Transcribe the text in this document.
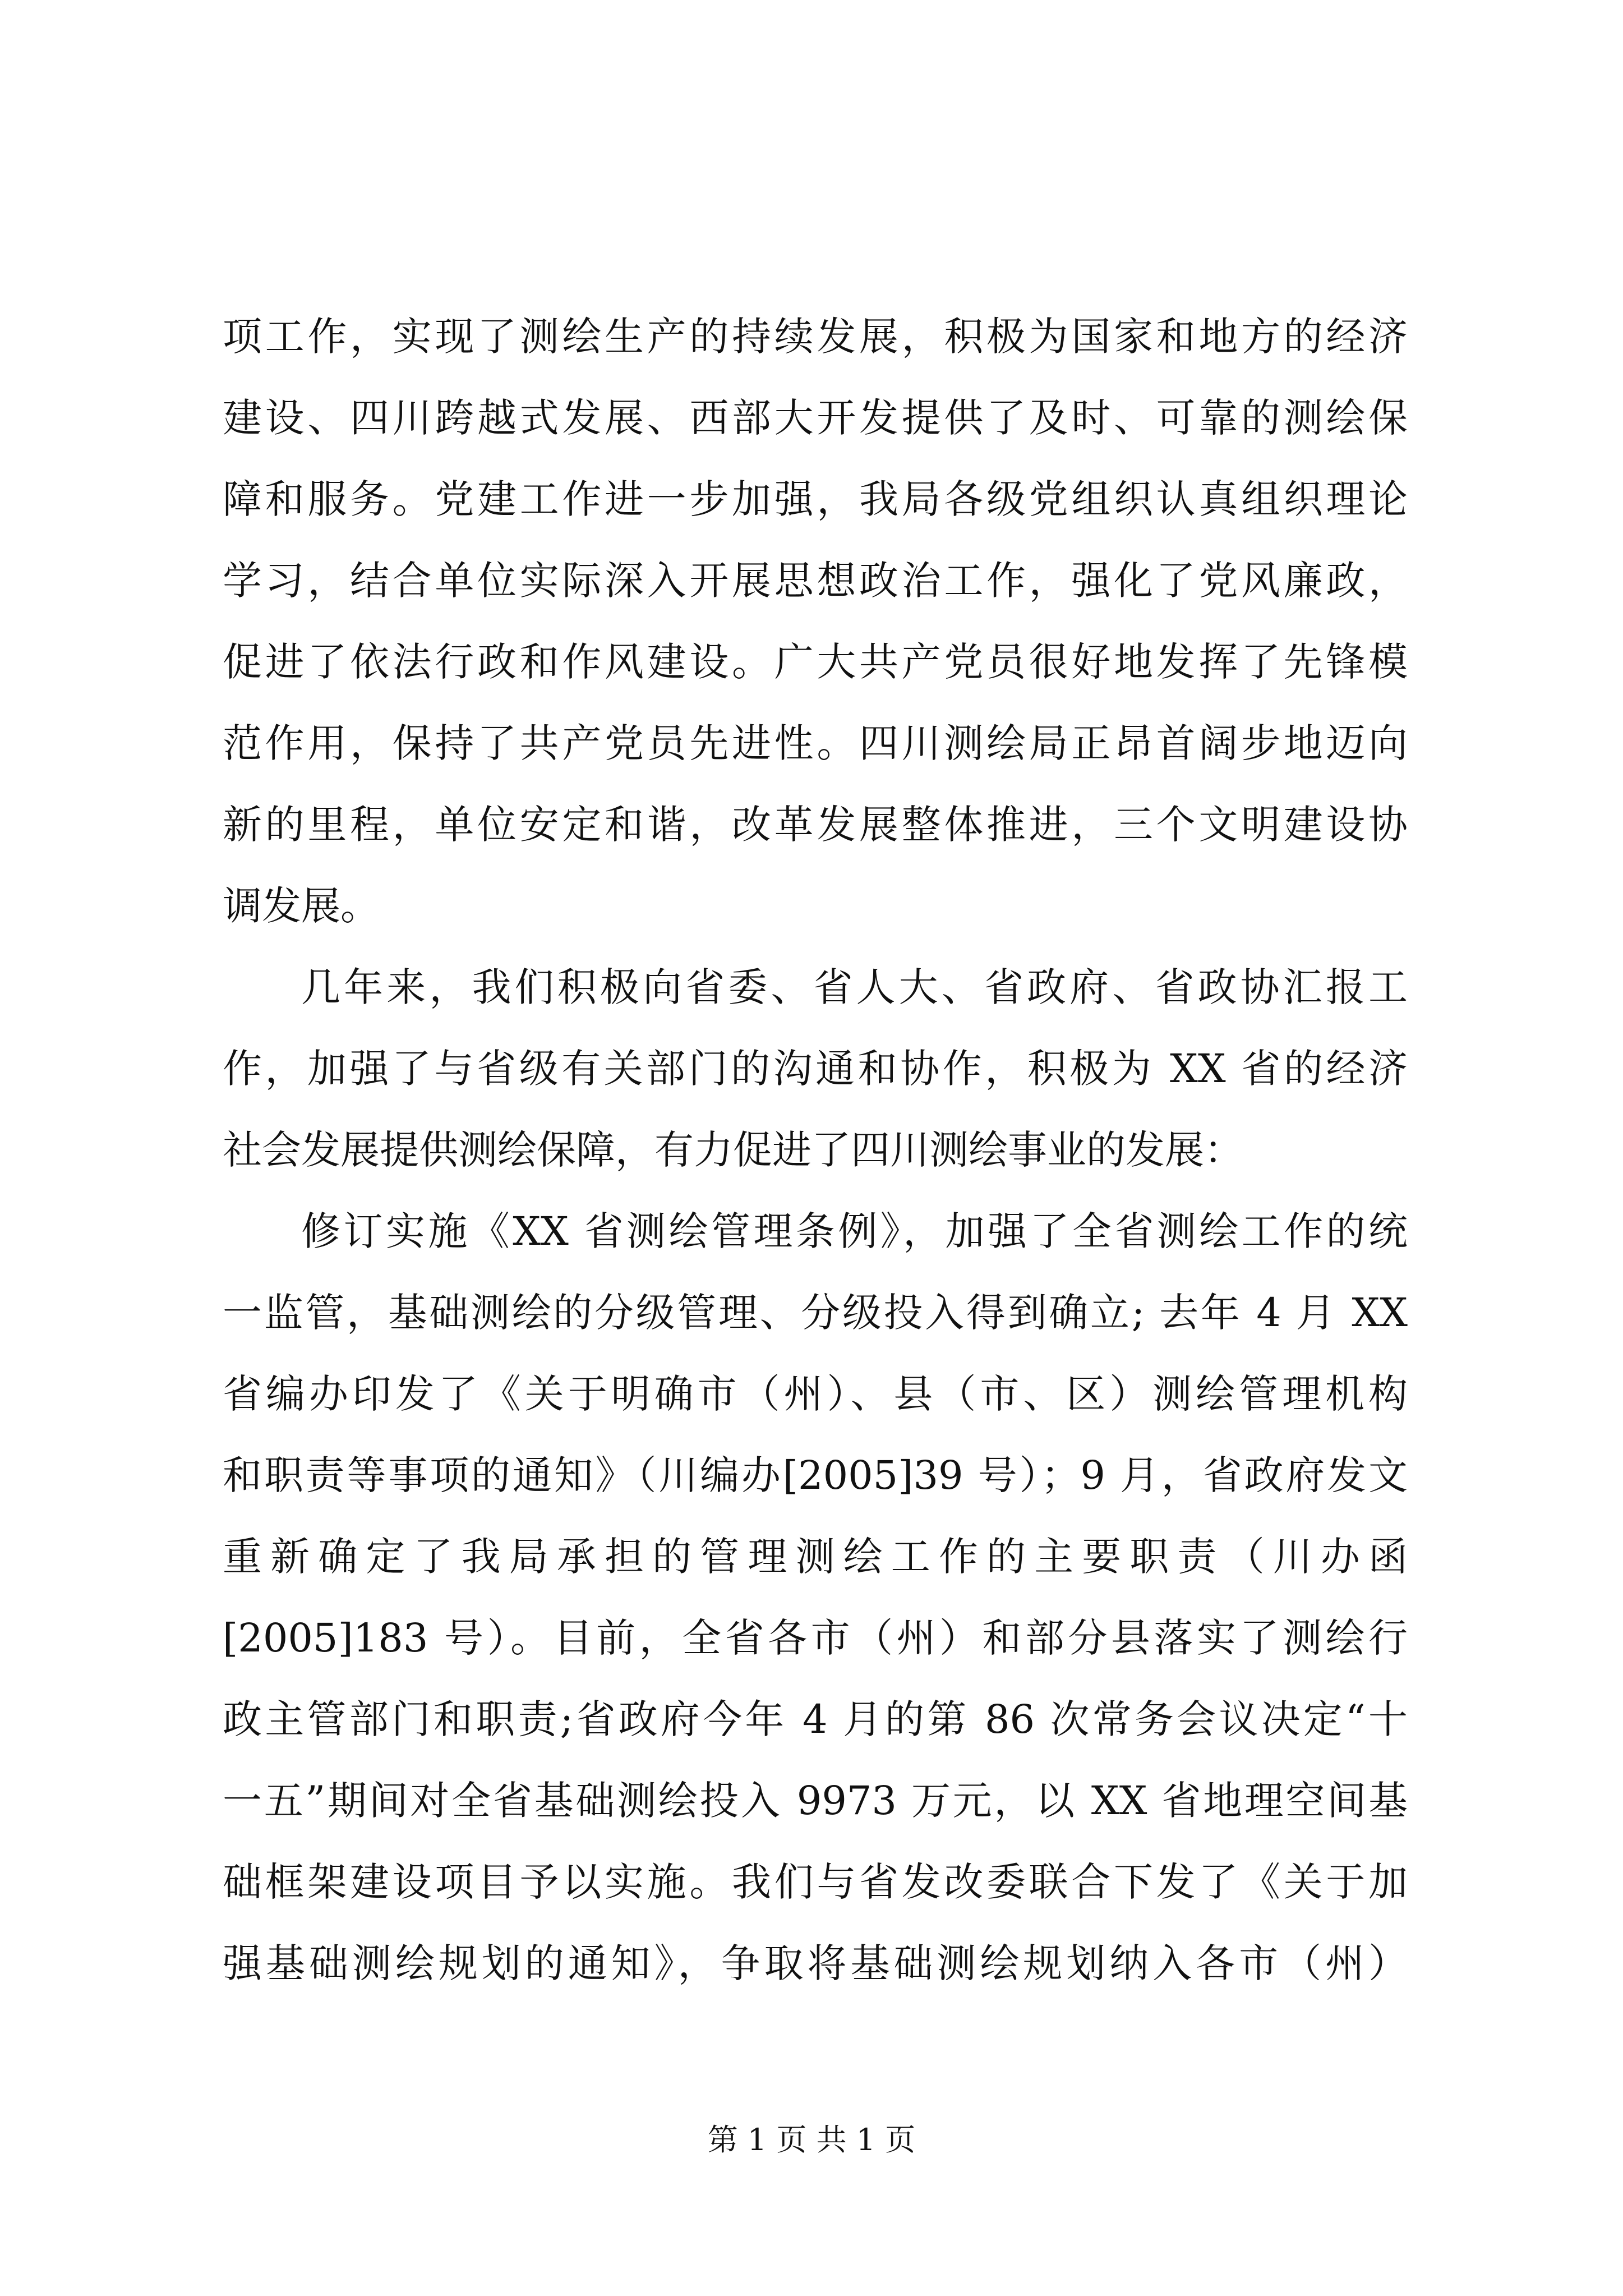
项工作，实现了测绘生产的持续发展，积极为国家和地方的经济
建设、四川跨越式发展、西部大开发提供了及时、可靠的测绘保
障和服务。党建工作进一步加强，我局各级党组织认真组织理论
学习，结合单位实际深入开展思想政治工作，强化了党风廉政，
促进了依法行政和作风建设。广大共产党员很好地发挥了先锋模
范作用，保持了共产党员先进性。四川测绘局正昂首阔步地迈向
新的里程，单位安定和谐，改革发展整体推进，三个文明建设协
调发展。
几年来，我们积极向省委、省人大、省政府、省政协汇报工
作，加强了与省级有关部门的沟通和协作，积极为 XX 省的经济
社会发展提供测绘保障，有力促进了四川测绘事业的发展：
修订实施《XX 省测绘管理条例》，加强了全省测绘工作的统
一监管，基础测绘的分级管理、分级投入得到确立; 去年 4 月 XX
省编办印发了《关于明确市（州）、县（市、区）测绘管理机构
和职责等事项的通知》（川编办[2005]39 号）；9 月，省政府发文
重新确定了我局承担的管理测绘工作的主要职责（川办函
[2005]183 号）。目前，全省各市（州）和部分县落实了测绘行
政主管部门和职责;省政府今年 4 月的第 86 次常务会议决定“十
一五”期间对全省基础测绘投入 9973 万元，以 XX 省地理空间基
础框架建设项目予以实施。我们与省发改委联合下发了《关于加
强基础测绘规划的通知》，争取将基础测绘规划纳入各市（州）
第 1 页 共 1 页
